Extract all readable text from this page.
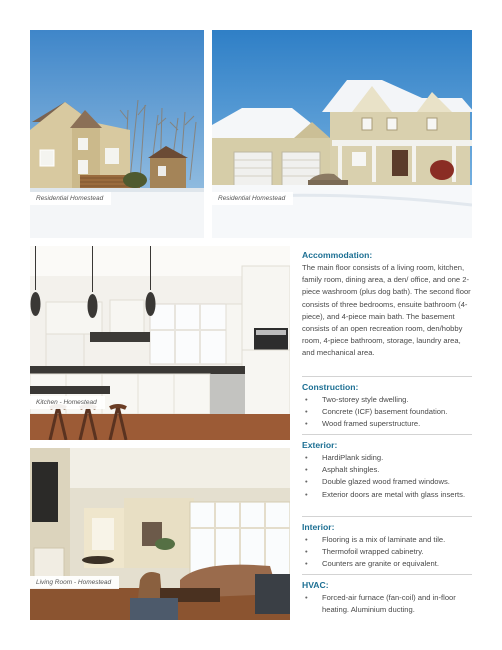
Residential Homestead	Residential Homestead
Kitchen - Homestead
Living Room - Homestead
Accommodation:

The main floor consists of a living room, kitchen, family room, dining area, a den/ office, and one 2-piece washroom (plus dog bath). The second floor consists of three bedrooms, ensuite bathroom (4-piece), and 4-piece main bath. The basement consists of an open recreation room, den/hobby room, 4-piece bathroom, storage, laundry area, and mechanical area.

Construction:
• Two-storey style dwelling.
• Concrete (ICF) basement foundation.
• Wood framed superstructure.
Exterior:
• HardiPlank siding.
• Asphalt shingles.
• Double glazed wood framed windows.
• Exterior doors are metal with glass inserts.
Interior:
• Flooring is a mix of laminate and tile.
• Thermofoil wrapped cabinetry.
• Counters are granite or equivalent.
HVAC:
• Forced-air furnace (fan-coil) and in-floor heating. Aluminium ducting.
